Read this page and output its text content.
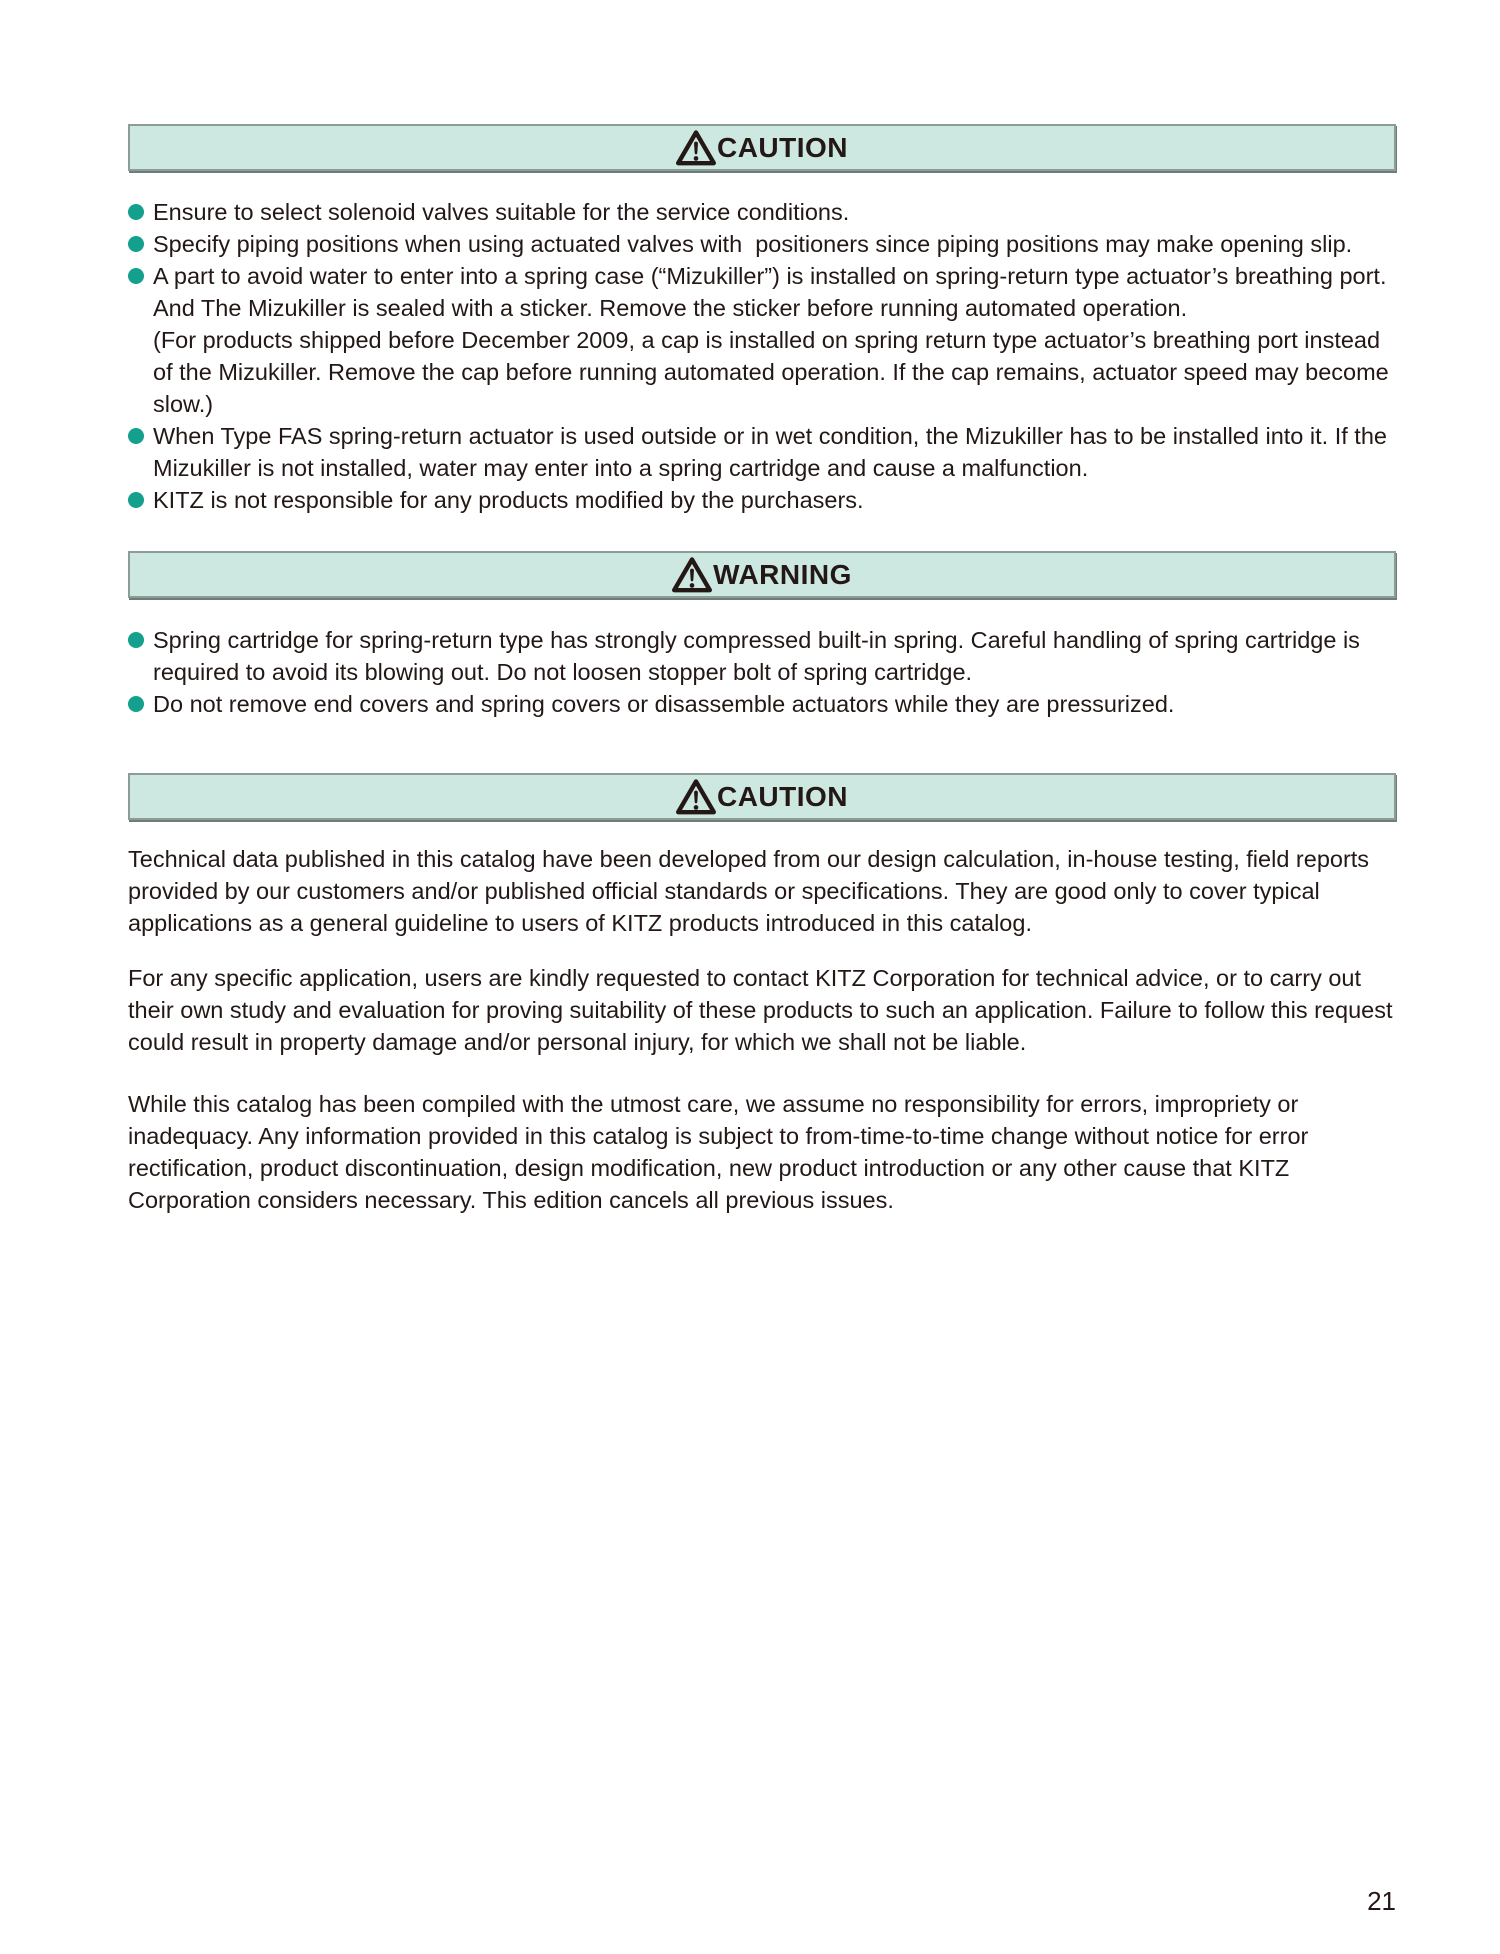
CAUTION
Ensure to select solenoid valves suitable for the service conditions.
Specify piping positions when using actuated valves with  positioners since piping positions may make opening slip.
A part to avoid water to enter into a spring case (“Mizukiller”) is installed on spring-return type actuator’s breathing port. And The Mizukiller is sealed with a sticker. Remove the sticker before running automated operation.
(For products shipped before December 2009, a cap is installed on spring return type actuator’s breathing port instead of the Mizukiller. Remove the cap before running automated operation. If the cap remains, actuator speed may become slow.)
When Type FAS spring-return actuator is used outside or in wet condition, the Mizukiller has to be installed into it. If the Mizukiller is not installed, water may enter into a spring cartridge and cause a malfunction.
KITZ is not responsible for any products modified by the purchasers.
WARNING
Spring cartridge for spring-return type has strongly compressed built-in spring. Careful handling of spring cartridge is required to avoid its blowing out. Do not loosen stopper bolt of spring cartridge.
Do not remove end covers and spring covers or disassemble actuators while they are pressurized.
CAUTION

Technical data published in this catalog have been developed from our design calculation, in-house testing, field reports provided by our customers and/or published official standards or specifications. They are good only to cover typical applications as a general guideline to users of KITZ products introduced in this catalog.

For any specific application, users are kindly requested to contact KITZ Corporation for technical advice, or to carry out their own study and evaluation for proving suitability of these products to such an application. Failure to follow this request could result in property damage and/or personal injury, for which we shall not be liable.

While this catalog has been compiled with the utmost care, we assume no responsibility for errors, impropriety or inadequacy. Any information provided in this catalog is subject to from-time-to-time change without notice for error rectification, product discontinuation, design modification, new product introduction or any other cause that KITZ Corporation considers necessary. This edition cancels all previous issues.

21
